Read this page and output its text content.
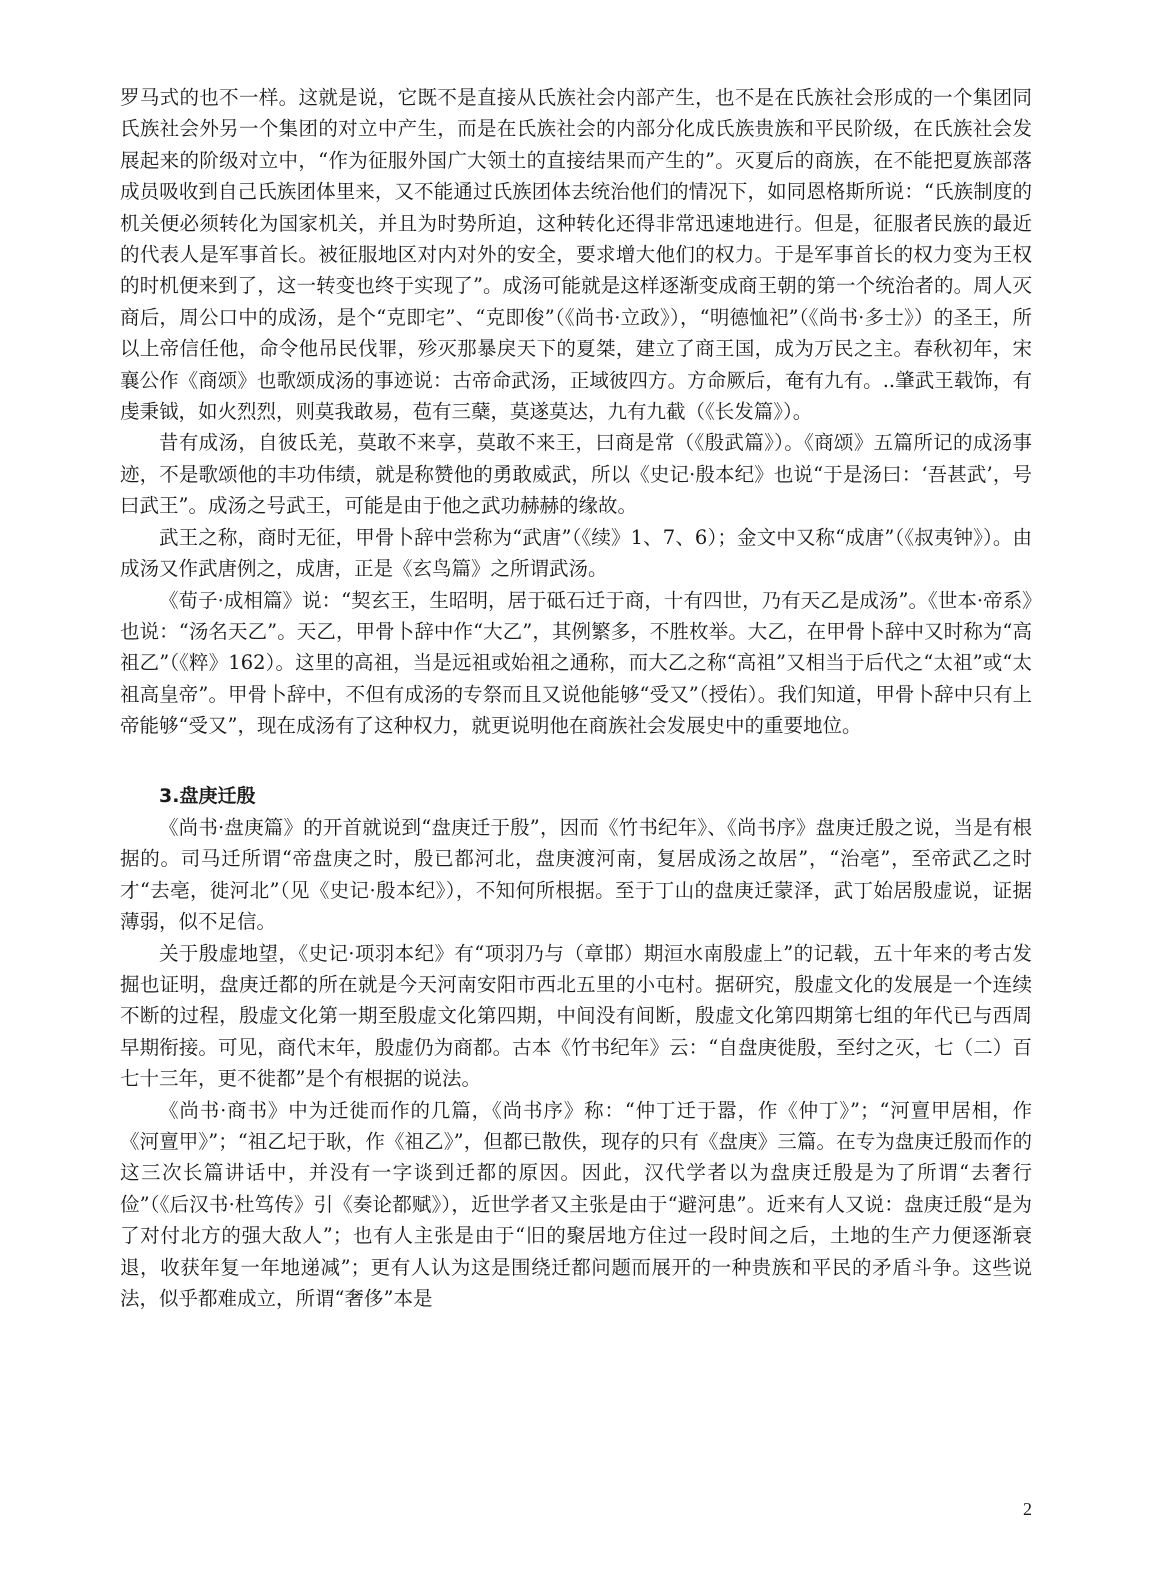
罗马式的也不一样。这就是说，它既不是直接从氏族社会内部产生，也不是在氏族社会形成的一个集团同氏族社会外另一个集团的对立中产生，而是在氏族社会的内部分化成氏族贵族和平民阶级，在氏族社会发展起来的阶级对立中，“作为征服外国广大领土的直接结果而产生的”。灭夏后的商族，在不能把夏族部落成员吸收到自己氏族团体里来，又不能通过氏族团体去统治他们的情况下，如同恩格斯所说：“氏族制度的机关便必须转化为国家机关，并且为时势所迫，这种转化还得非常迅速地进行。但是，征服者民族的最近的代表人是军事首长。被征服地区对内对外的安全，要求增大他们的权力。于是军事首长的权力变为王权的时机便来到了，这一转变也终于实现了”。成汤可能就是这样逐渐变成商王朝的第一个统治者的。周人灭商后，周公口中的成汤，是个“克即宅”、“克即俊”（《尚书·立政》），“明德恤祀”（《尚书·多士》）的圣王，所以上帝信任他，命令他吊民伐罪，殄灭那暴戾天下的夏桀，建立了商王国，成为万民之主。春秋初年，宋襄公作《商颂》也歌颂成汤的事迹说：古帝命武汤，正域彼四方。方命厥后，奄有九有。..肇武王载饰，有虔秉钺，如火烈烈，则莫我敢易，苞有三蘖，莫遂莫达，九有九截（《长发篇》）。

昔有成汤，自彼氐羌，莫敢不来享，莫敢不来王，曰商是常（《殷武篇》）。《商颂》五篇所记的成汤事迹，不是歌颂他的丰功伟绩，就是称赞他的勇敢威武，所以《史记·殷本纪》也说“于是汤曰：‘吾甚武’，号曰武王”。成汤之号武王，可能是由于他之武功赫赫的缘故。

武王之称，商时无征，甲骨卜辞中尝称为“武唐”（《续》1、7、6）；金文中又称“成唐”（《叔夷钟》）。由成汤又作武唐例之，成唐，正是《玄鸟篇》之所谓武汤。

《荀子·成相篇》说：“契玄王，生昭明，居于砥石迁于商，十有四世，乃有天乙是成汤”。《世本·帝系》也说：“汤名天乙”。天乙，甲骨卜辞中作“大乙”，其例繁多，不胜枚举。大乙，在甲骨卜辞中又时称为“高祖乙”（《粹》162）。这里的高祖，当是远祖或始祖之通称，而大乙之称“高祖”又相当于后代之“太祖”或“太祖高皇帝”。甲骨卜辞中，不但有成汤的专祭而且又说他能够“受又”（授佑）。我们知道，甲骨卜辞中只有上帝能够“受又”，现在成汤有了这种权力，就更说明他在商族社会发展史中的重要地位。

3.盘庚迁殷

《尚书·盘庚篇》的开首就说到“盘庚迁于殷”，因而《竹书纪年》、《尚书序》盘庚迁殷之说，当是有根据的。司马迁所谓“帝盘庚之时，殷已都河北，盘庚渡河南，复居成汤之故居”，“治亳”，至帝武乙之时才“去亳，徙河北”（见《史记·殷本纪》），不知何所根据。至于丁山的盘庚迁蒙泽，武丁始居殷虚说，证据薄弱，似不足信。

关于殷虚地望，《史记·项羽本纪》有“项羽乃与（章邯）期洹水南殷虚上”的记载，五十年来的考古发掘也证明，盘庚迁都的所在就是今天河南安阳市西北五里的小屯村。据研究，殷虚文化的发展是一个连续不断的过程，殷虚文化第一期至殷虚文化第四期，中间没有间断，殷虚文化第四期第七组的年代已与西周早期衔接。可见，商代末年，殷虚仍为商都。古本《竹书纪年》云：“自盘庚徙殷，至纣之灭，七（二）百七十三年，更不徙都”是个有根据的说法。

《尚书·商书》中为迁徙而作的几篇，《尚书序》称：“仲丁迁于嚣，作《仲丁》”；“河亶甲居相，作《河亶甲》”；“祖乙圮于耿，作《祖乙》”，但都已散佚，现存的只有《盘庚》三篇。在专为盘庚迁殷而作的这三次长篇讲话中，并没有一字谈到迁都的原因。因此，汉代学者以为盘庚迁殷是为了所谓“去奢行俭”（《后汉书·杜笃传》引《奏论都赋》），近世学者又主张是由于“避河患”。近来有人又说：盘庚迁殷“是为了对付北方的强大敌人”；也有人主张是由于“旧的聚居地方住过一段时间之后，土地的生产力便逐渐衰退，收获年复一年地递减”；更有人认为这是围绕迁都问题而展开的一种贵族和平民的矛盾斗争。这些说法，似乎都难成立，所谓“奢侈”本是

2
